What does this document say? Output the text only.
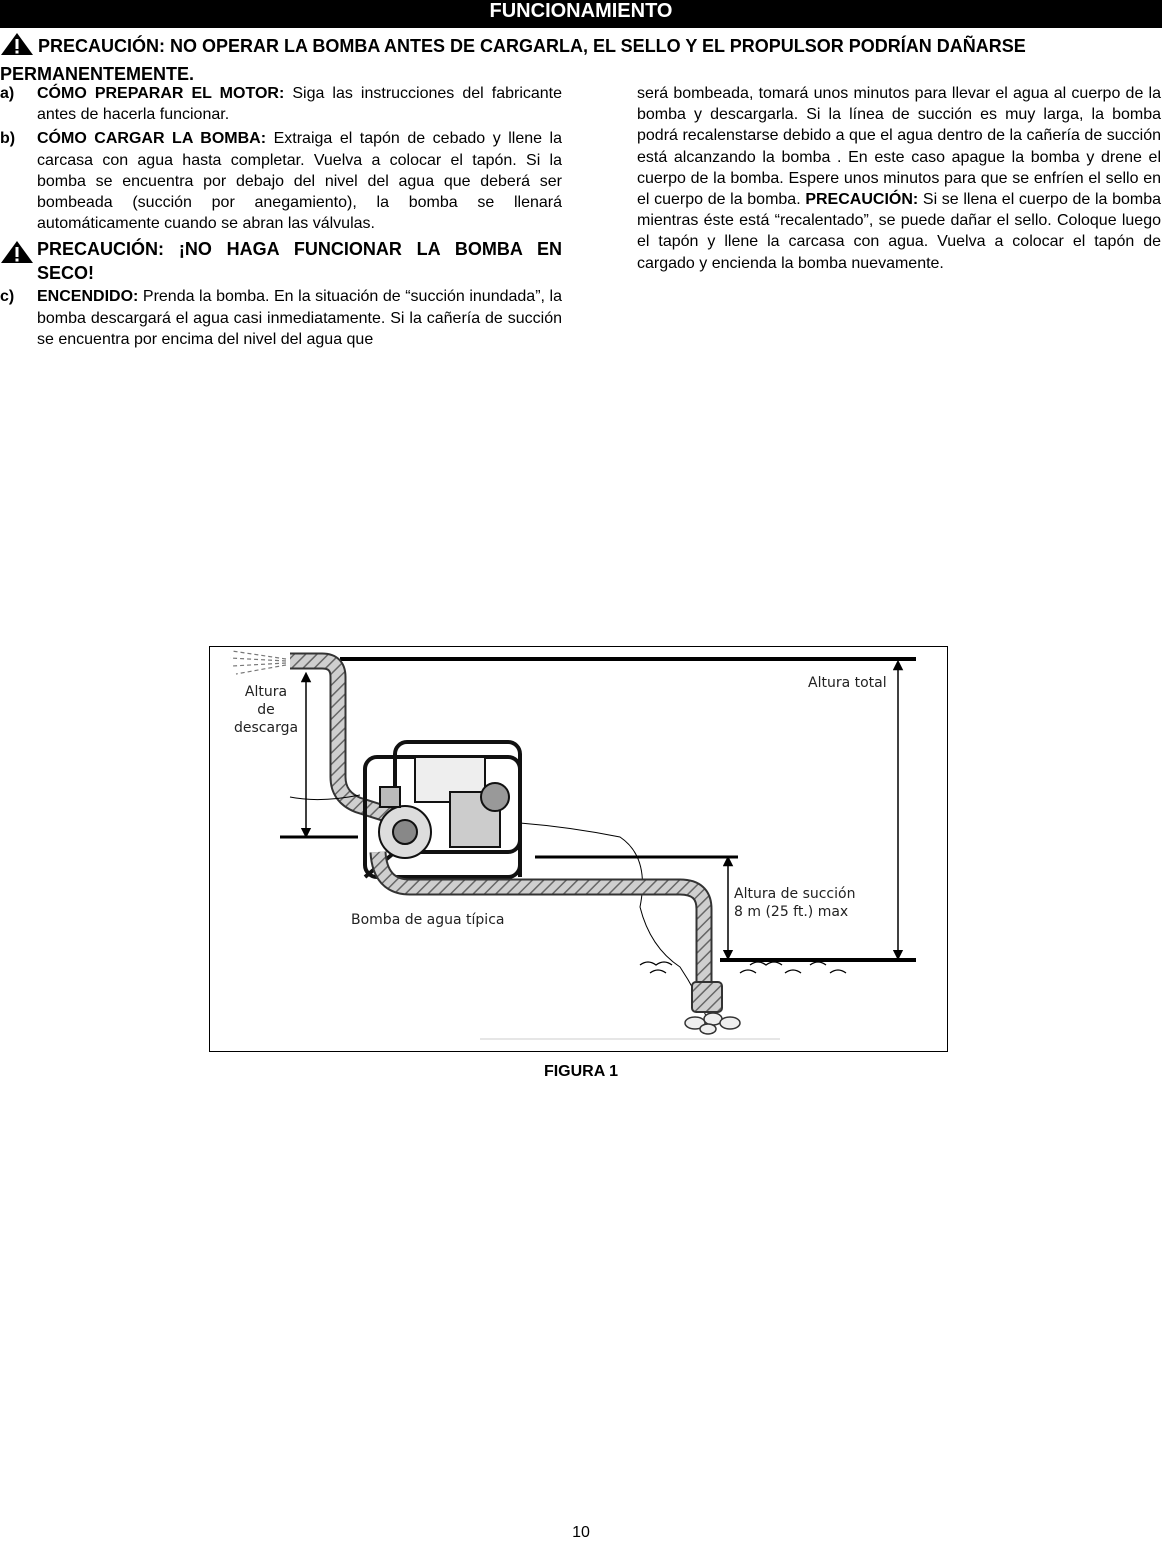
FUNCIONAMIENTO
PRECAUCIÓN: NO OPERAR LA BOMBA ANTES DE CARGARLA, EL SELLO Y EL PROPULSOR PODRÍAN DAÑARSE PERMANENTEMENTE.
a) CÓMO PREPARAR EL MOTOR: Siga las instrucciones del fabricante antes de hacerla funcionar.
b) CÓMO CARGAR LA BOMBA: Extraiga el tapón de cebado y llene la carcasa con agua hasta completar. Vuelva a colocar el tapón. Si la bomba se encuentra por debajo del nivel del agua que deberá ser bombeada (succión por anegamiento), la bomba se llenará automáticamente cuando se abran las válvulas.
PRECAUCIÓN: ¡NO HAGA FUNCIONAR LA BOMBA EN SECO!
c) ENCENDIDO: Prenda la bomba. En la situación de “succión inundada”, la bomba descargará el agua casi inmediatamente. Si la cañería de succión se encuentra por encima del nivel del agua que
será bombeada, tomará unos minutos para llevar el agua al cuerpo de la bomba y descargarla. Si la línea de succión es muy larga, la bomba podrá recalenstarse debido a que el agua dentro de la cañería de succión está alcanzando la bomba . En este caso apague la bomba y drene el cuerpo de la bomba. Espere unos minutos para que se enfríen el sello en el cuerpo de la bomba. PRECAUCIÓN: Si se llena el cuerpo de la bomba mientras éste está “recalentado”, se puede dañar el sello. Coloque luego el tapón y llene la carcasa con agua. Vuelva a colocar el tapón de cargado y encienda la bomba nuevamente.
Altura de
descarga
Altura total
Altura de succión
8 m (25 ft.) max
Bomba de agua típica
FIGURA 1
10
